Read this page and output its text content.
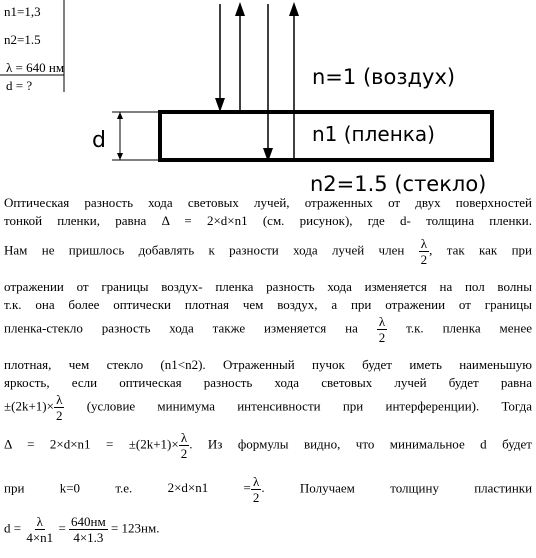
n1=1,3
n2=1.5
λ = 640 нм
d = ?
d
n=1 (воздух)
n1 (пленка)
n2=1.5 (стекло)
Оптическая разность хода световых лучей, отраженных от двух поверхностей
тонкой пленки, равна Δ = 2×d×n1 (см. рисунок), где d- толщина пленки.
Нам не пришлось добавлять к разности хода лучей член $\frac{\lambda}{2}$ , так как при
отражении от границы воздух- пленка разность хода изменяется на пол волны
т.к. она более оптически плотная чем воздух, а при отражении от границы
пленка-стекло разность хода также изменяется на $\frac{\lambda}{2} т.к$. пленка менее
плотная, чем стекло (n1<n2). Отраженный пучок будет иметь наименьшую
яркость, если оптическая разность хода световых лучей будет равна
$\pm(2k+1)\times \frac{\lambda}{2}$ (условие минимума интенсивности при интерференции). Тогда
$\Delta = 2\times d\times n1 = \pm(2k+1)\times \frac{\lambda}{2}$ . Из формулы видно, что минимальное d будет
при	k=0	т.е.	$2\times d\times n1 = \frac{\lambda}{2}$ .	Получаем	толщину	пластинки
$d = \frac{\lambda}{4\times n1} = \frac{640нм}{4\times 1.3} = 123нм$.
